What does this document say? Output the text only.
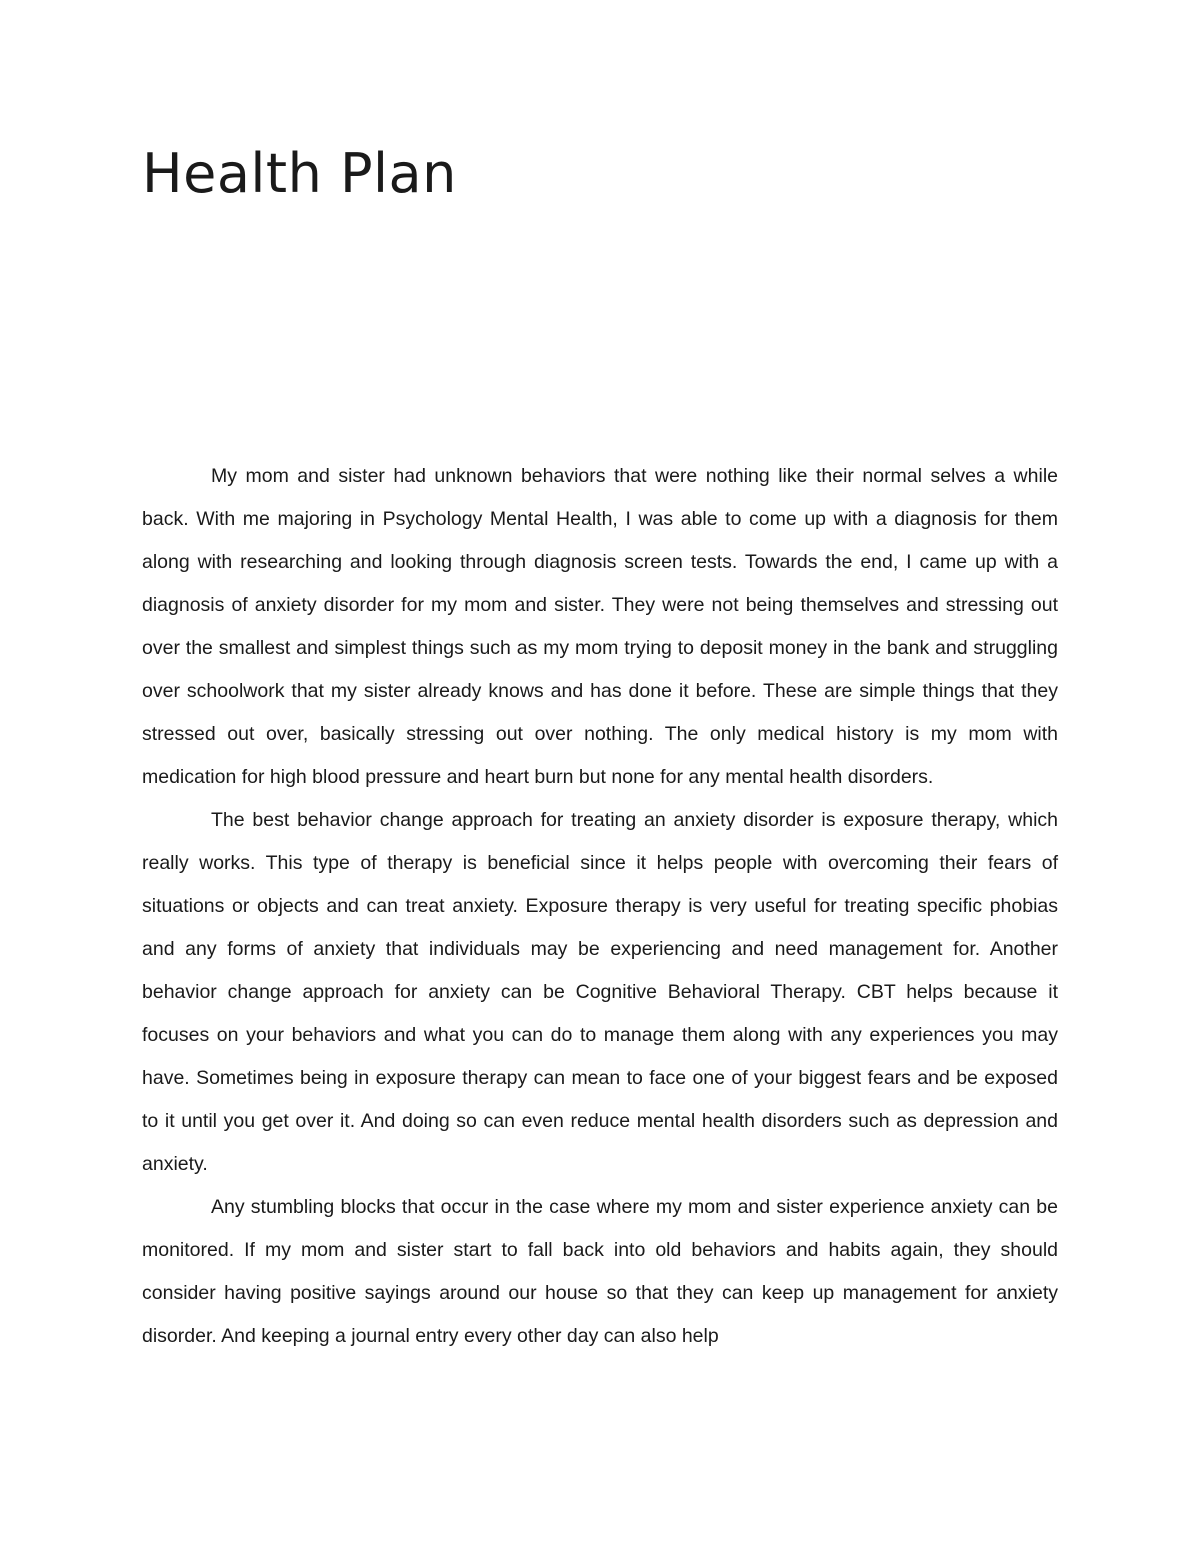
Health Plan

My mom and sister had unknown behaviors that were nothing like their normal selves a while back. With me majoring in Psychology Mental Health, I was able to come up with a diagnosis for them along with researching and looking through diagnosis screen tests. Towards the end, I came up with a diagnosis of anxiety disorder for my mom and sister. They were not being themselves and stressing out over the smallest and simplest things such as my mom trying to deposit money in the bank and struggling over schoolwork that my sister already knows and has done it before. These are simple things that they stressed out over, basically stressing out over nothing. The only medical history is my mom with medication for high blood pressure and heart burn but none for any mental health disorders.

The best behavior change approach for treating an anxiety disorder is exposure therapy, which really works. This type of therapy is beneficial since it helps people with overcoming their fears of situations or objects and can treat anxiety. Exposure therapy is very useful for treating specific phobias and any forms of anxiety that individuals may be experiencing and need management for. Another behavior change approach for anxiety can be Cognitive Behavioral Therapy. CBT helps because it focuses on your behaviors and what you can do to manage them along with any experiences you may have. Sometimes being in exposure therapy can mean to face one of your biggest fears and be exposed to it until you get over it. And doing so can even reduce mental health disorders such as depression and anxiety.

Any stumbling blocks that occur in the case where my mom and sister experience anxiety can be monitored. If my mom and sister start to fall back into old behaviors and habits again, they should consider having positive sayings around our house so that they can keep up management for anxiety disorder. And keeping a journal entry every other day can also help
